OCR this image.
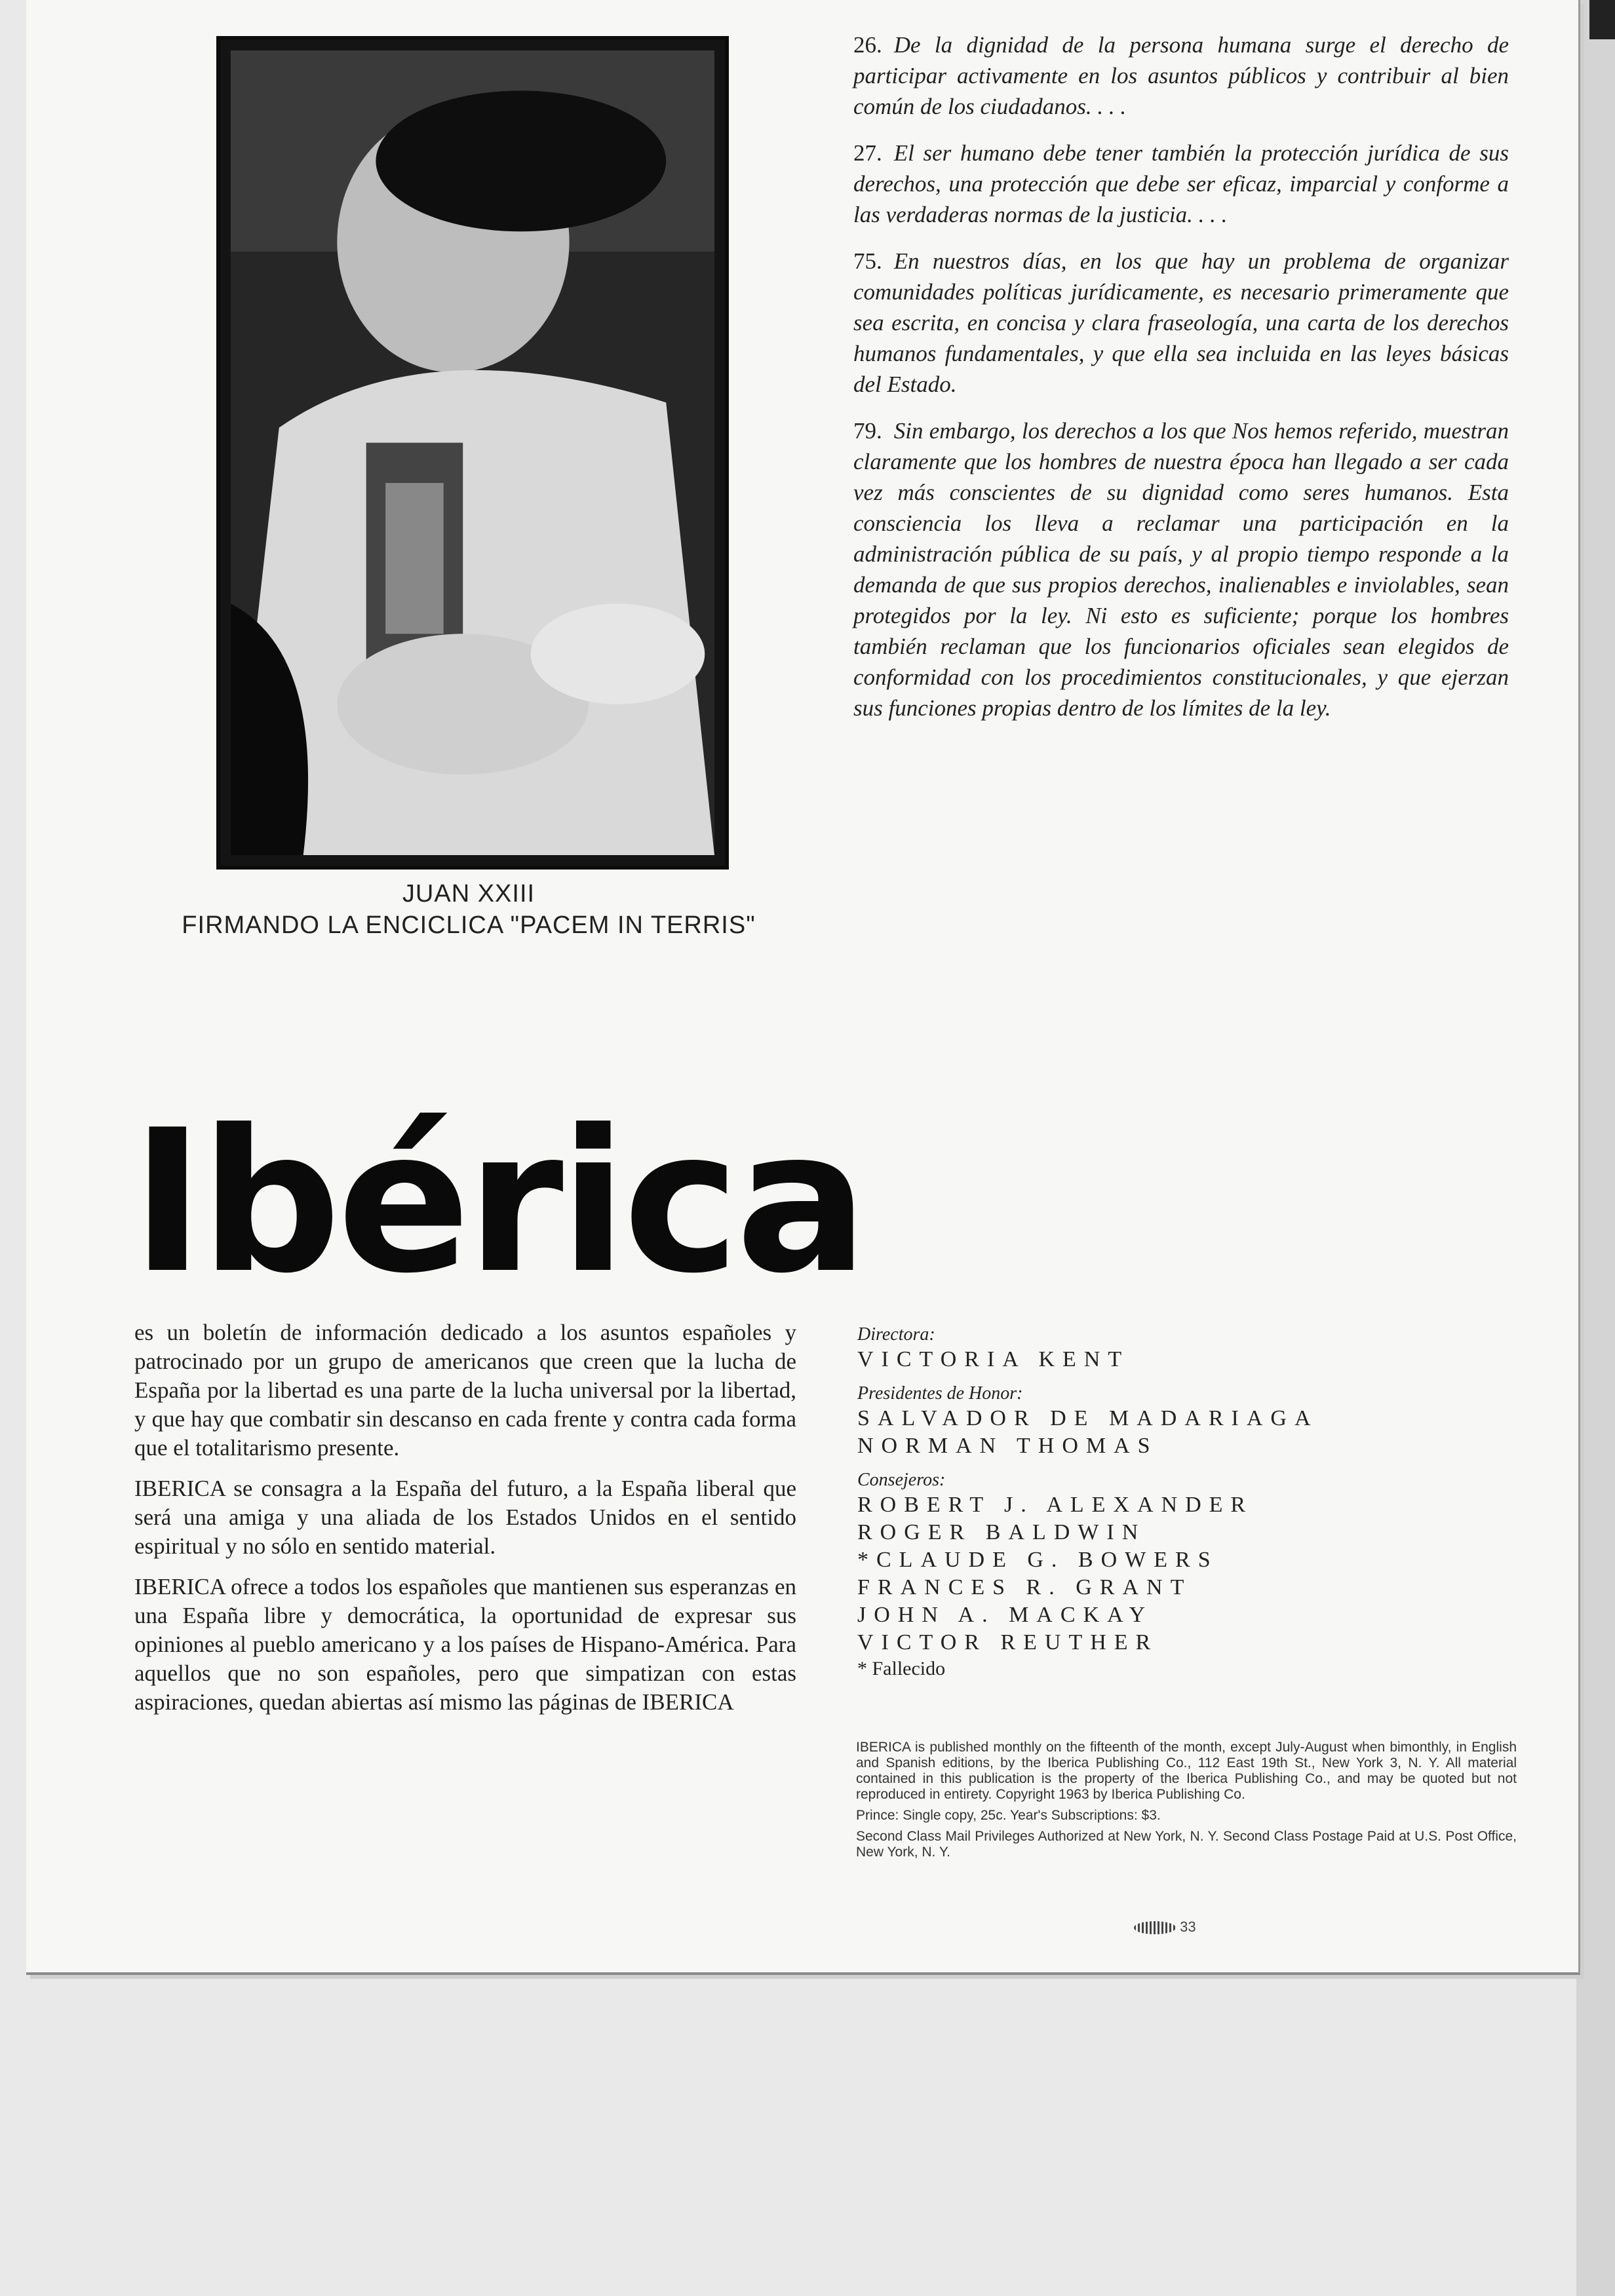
JUAN XXIII
FIRMANDO LA ENCICLICA "PACEM IN TERRIS"

26. De la dignidad de la persona humana surge el derecho de participar activamente en los asuntos públicos y contribuir al bien común de los ciudadanos. . . .

27. El ser humano debe tener también la protección jurídica de sus derechos, una protección que debe ser eficaz, imparcial y conforme a las verdaderas normas de la justicia. . . .

75. En nuestros días, en los que hay un problema de organizar comunidades políticas jurídicamente, es necesario primeramente que sea escrita, en concisa y clara fraseología, una carta de los derechos humanos fundamentales, y que ella sea incluida en las leyes básicas del Estado.

79. Sin embargo, los derechos a los que Nos hemos referido, muestran claramente que los hombres de nuestra época han llegado a ser cada vez más conscientes de su dignidad como seres humanos. Esta consciencia los lleva a reclamar una participación en la administración pública de su país, y al propio tiempo responde a la demanda de que sus propios derechos, inalienables e inviolables, sean protegidos por la ley. Ni esto es suficiente; porque los hombres también reclaman que los funcionarios oficiales sean elegidos de conformidad con los procedimientos constitucionales, y que ejerzan sus funciones propias dentro de los límites de la ley.

Ibérica

es un boletín de información dedicado a los asuntos españoles y patrocinado por un grupo de americanos que creen que la lucha de España por la libertad es una parte de la lucha universal por la libertad, y que hay que combatir sin descanso en cada frente y contra cada forma que el totalitarismo presente.

IBERICA se consagra a la España del futuro, a la España liberal que será una amiga y una aliada de los Estados Unidos en el sentido espiritual y no sólo en sentido material.

IBERICA ofrece a todos los españoles que mantienen sus esperanzas en una España libre y democrática, la oportunidad de expresar sus opiniones al pueblo americano y a los países de Hispano-América. Para aquellos que no son españoles, pero que simpatizan con estas aspiraciones, quedan abiertas así mismo las páginas de IBERICA

Directora:
VICTORIA KENT
Presidentes de Honor:
SALVADOR DE MADARIAGA
NORMAN THOMAS
Consejeros:
ROBERT J. ALEXANDER
ROGER BALDWIN
*CLAUDE G. BOWERS
FRANCES R. GRANT
JOHN A. MACKAY
VICTOR REUTHER
* Fallecido

IBERICA is published monthly on the fifteenth of the month, except July-August when bimonthly, in English and Spanish editions, by the Iberica Publishing Co., 112 East 19th St., New York 3, N. Y. All material contained in this publication is the property of the Iberica Publishing Co., and may be quoted but not reproduced in entirety. Copyright 1963 by Iberica Publishing Co.

Prince: Single copy, 25c. Year's Subscriptions: $3.

Second Class Mail Privileges Authorized at New York, N. Y. Second Class Postage Paid at U.S. Post Office, New York, N. Y.

33
